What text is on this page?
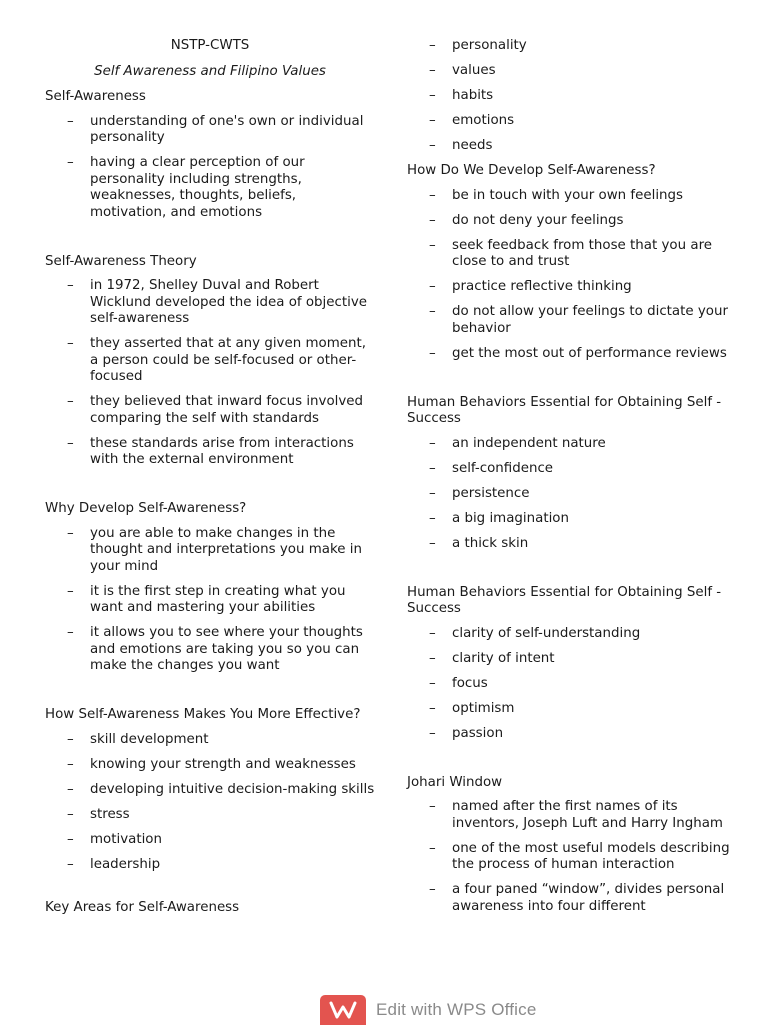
NSTP-CWTS

Self Awareness and Filipino Values

Self-Awareness

– understanding of one's own or individual personality
– having a clear perception of our personality including strengths, weaknesses, thoughts, beliefs, motivation, and emotions

Self-Awareness Theory

– in 1972, Shelley Duval and Robert Wicklund developed the idea of objective self-awareness
– they asserted that at any given moment, a person could be self-focused or other-focused
– they believed that inward focus involved comparing the self with standards
– these standards arise from interactions with the external environment

Why Develop Self-Awareness?

– you are able to make changes in the thought and interpretations you make in your mind
– it is the first step in creating what you want and mastering your abilities
– it allows you to see where your thoughts and emotions are taking you so you can make the changes you want

How Self-Awareness Makes You More Effective?

– skill development
– knowing your strength and weaknesses
– developing intuitive decision-making skills
– stress
– motivation
– leadership

Key Areas for Self-Awareness

– personality
– values
– habits
– emotions
– needs

How Do We Develop Self-Awareness?

– be in touch with your own feelings
– do not deny your feelings
– seek feedback from those that you are close to and trust
– practice reflective thinking
– do not allow your feelings to dictate your behavior
– get the most out of performance reviews

Human Behaviors Essential for Obtaining Self -Success

– an independent nature
– self-confidence
– persistence
– a big imagination
– a thick skin

Human Behaviors Essential for Obtaining Self -Success

– clarity of self-understanding
– clarity of intent
– focus
– optimism
– passion

Johari Window

– named after the first names of its inventors, Joseph Luft and Harry Ingham
– one of the most useful models describing the process of human interaction
– a four paned “window”, divides personal awareness into four different
Edit with WPS Office
